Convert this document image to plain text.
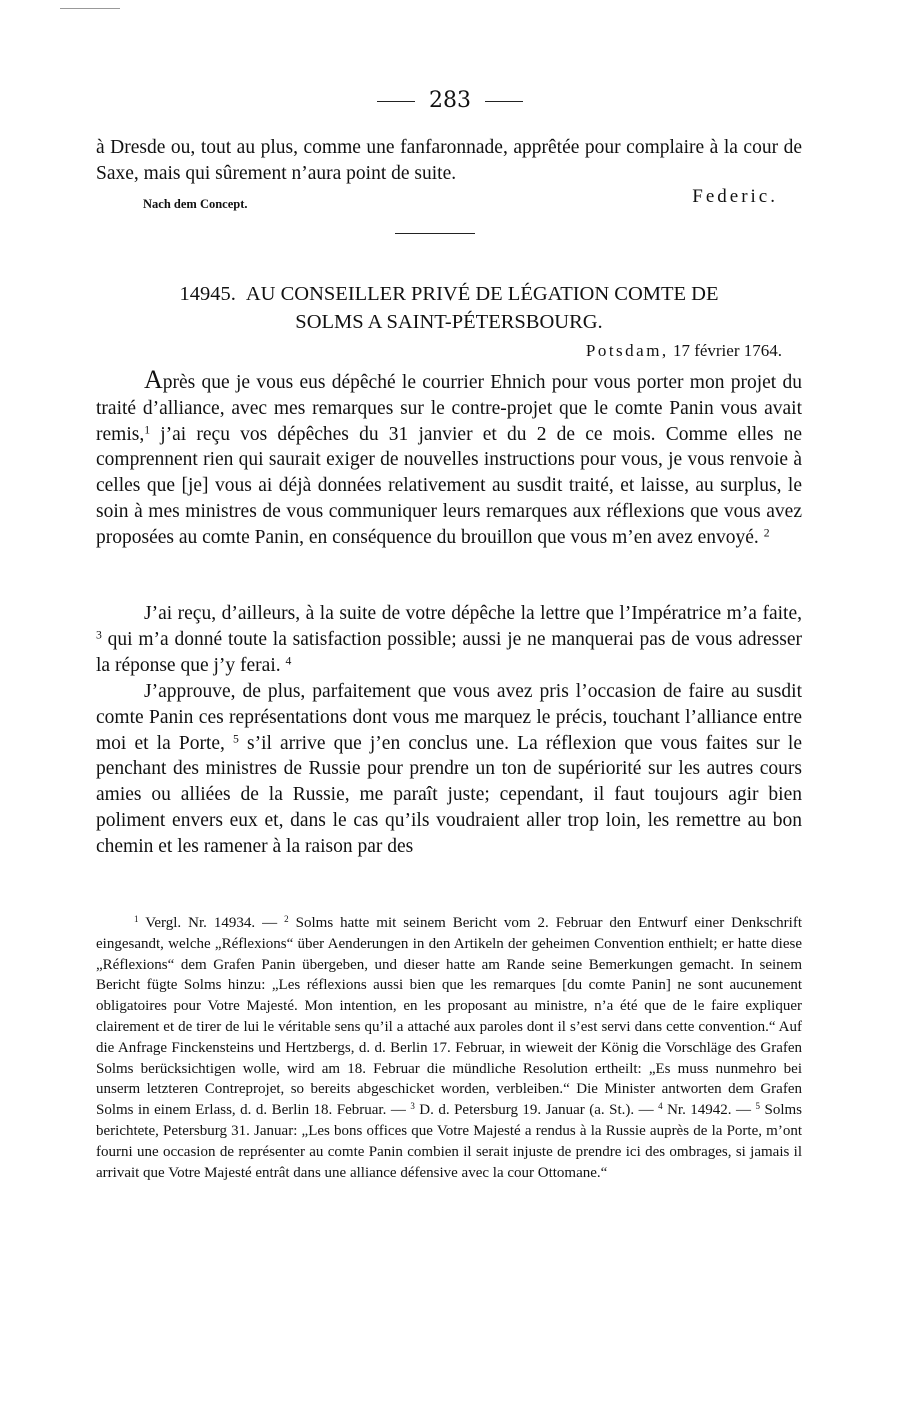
283
à Dresde ou, tout au plus, comme une fanfaronnade, apprêtée pour complaire à la cour de Saxe, mais qui sûrement n’aura point de suite.
Nach dem Concept.	Federic.
14945. AU CONSEILLER PRIVÉ DE LÉGATION COMTE DE
SOLMS A SAINT-PÉTERSBOURG.
Potsdam, 17 février 1764.
Après que je vous eus dépêché le courrier Ehnich pour vous porter mon projet du traité d’alliance, avec mes remarques sur le contre-projet que le comte Panin vous avait remis,$^1$ j’ai reçu vos dépêches du 31 janvier et du 2 de ce mois. Comme elles ne comprennent rien qui saurait exiger de nouvelles instructions pour vous, je vous renvoie à celles que [je] vous ai déjà données relativement au susdit traité, et laisse, au surplus, le soin à mes ministres de vous communiquer leurs remarques aux réflexions que vous avez proposées au comte Panin, en conséquence du brouillon que vous m’en avez envoyé. $^2$
J’ai reçu, d’ailleurs, à la suite de votre dépêche la lettre que l’Impératrice m’a faite, $^3$ qui m’a donné toute la satisfaction possible; aussi je ne manquerai pas de vous adresser la réponse que j’y ferai. $^4$
J’approuve, de plus, parfaitement que vous avez pris l’occasion de faire au susdit comte Panin ces représentations dont vous me marquez le précis, touchant l’alliance entre moi et la Porte, $^5$ s’il arrive que j’en conclus une. La réflexion que vous faites sur le penchant des ministres de Russie pour prendre un ton de supériorité sur les autres cours amies ou alliées de la Russie, me paraît juste; cependant, il faut toujours agir bien poliment envers eux et, dans le cas qu’ils voudraient aller trop loin, les remettre au bon chemin et les ramener à la raison par des

$^1$ Vergl. Nr. 14934. — $^2$ Solms hatte mit seinem Bericht vom 2. Februar den Entwurf einer Denkschrift eingesandt, welche „Réflexions“ über Aenderungen in den Artikeln der geheimen Convention enthielt; er hatte diese „Réflexions“ dem Grafen Panin übergeben, und dieser hatte am Rande seine Bemerkungen gemacht. In seinem Bericht fügte Solms hinzu: „Les réflexions aussi bien que les remarques [du comte Panin] ne sont aucunement obligatoires pour Votre Majesté. Mon intention, en les proposant au ministre, n’a été que de le faire expliquer clairement et de tirer de lui le véritable sens qu’il a attaché aux paroles dont il s’est servi dans cette convention.“ Auf die Anfrage Finckensteins und Hertzbergs, d. d. Berlin 17. Februar, in wieweit der König die Vorschläge des Grafen Solms berücksichtigen wolle, wird am 18. Februar die mündliche Resolution ertheilt: „Es muss nunmehro bei unserm letzteren Contreprojet, so bereits abgeschicket worden, verbleiben.“ Die Minister antworten dem Grafen Solms in einem Erlass, d. d. Berlin 18. Februar. — $^3$ D. d. Petersburg 19. Januar (a. St.). — $^4$ Nr. 14942. — $^5$ Solms berichtete, Petersburg 31. Januar: „Les bons offices que Votre Majesté a rendus à la Russie auprès de la Porte, m’ont fourni une occasion de représenter au comte Panin combien il serait injuste de prendre ici des ombrages, si jamais il arrivait que Votre Majesté entrât dans une alliance défensive avec la cour Ottomane.“
